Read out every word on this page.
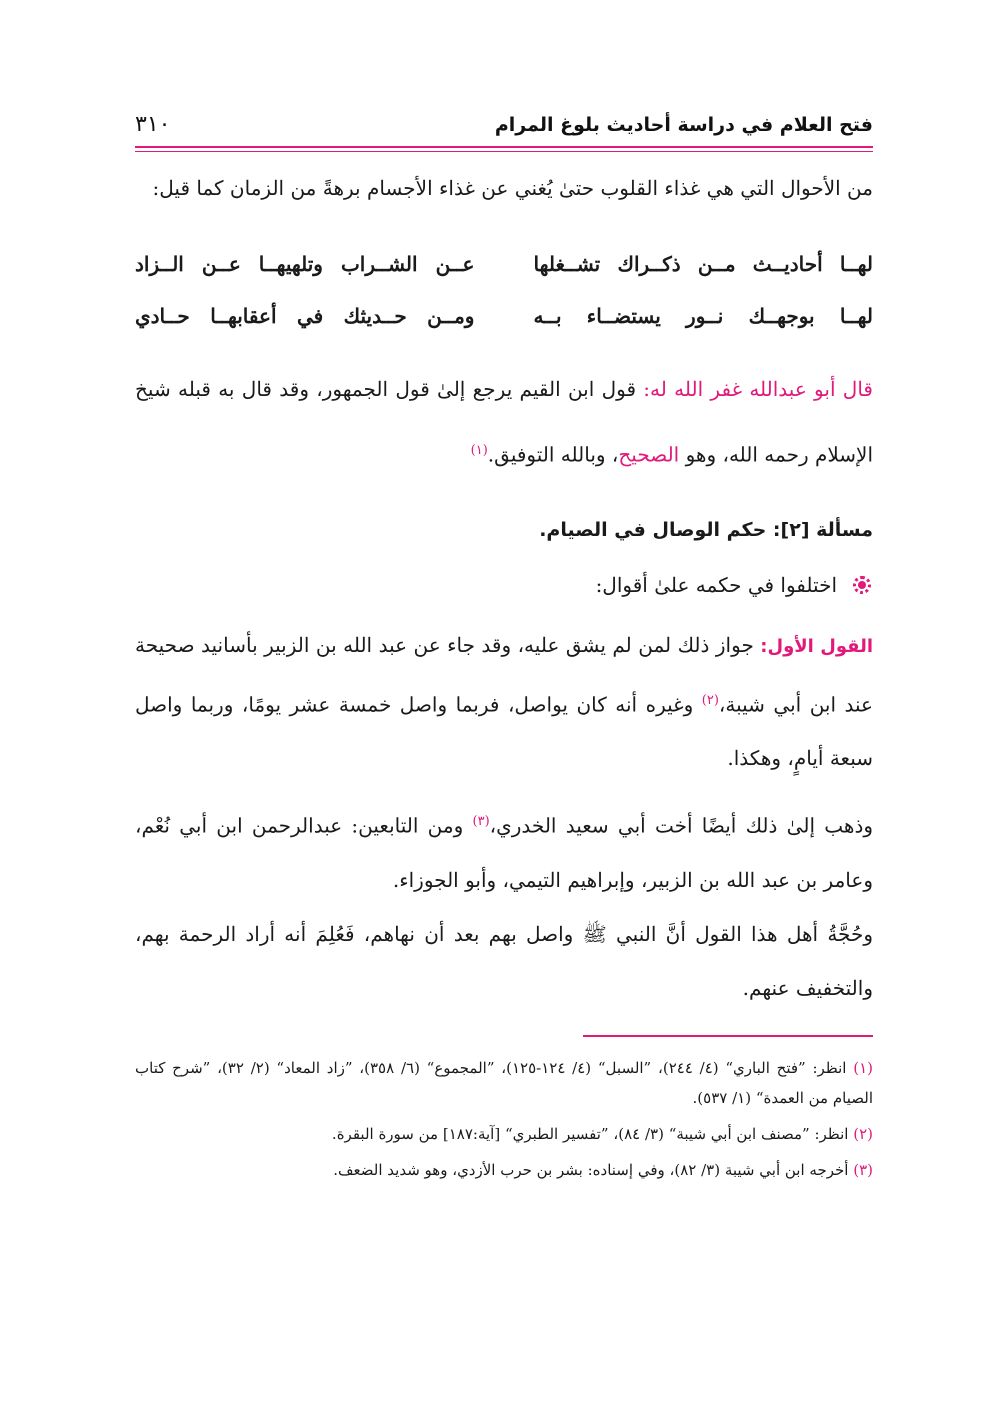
فتح العلام في دراسة أحاديث بلوغ المرام
٣١٠

من الأحوال التي هي غذاء القلوب حتىٰ يُغني عن غذاء الأجسام برهةً من الزمان كما قيل:

لهــا أحاديــث مــن ذكــراك تشــغلها
عــن الشــراب وتلهيهــا عــن الــزاد
لهــا بوجهــك نــور يستضــاء بــه
ومــن حــديثك في أعقابهــا حــادي

قال أبو عبدالله غفر الله له: قول ابن القيم يرجع إلىٰ قول الجمهور، وقد قال به قبله شيخ الإسلام رحمه الله، وهو الصحيح، وبالله التوفيق.$^{(١)}$

مسألة [٢]: حكم الوصال في الصيام.
اختلفوا في حكمه علىٰ أقوال:

القول الأول: جواز ذلك لمن لم يشق عليه، وقد جاء عن عبد الله بن الزبير بأسانيد صحيحة عند ابن أبي شيبة،$^{(٢)}$ وغيره أنه كان يواصل، فربما واصل خمسة عشر يومًا، وربما واصل سبعة أيامٍ، وهكذا.

وذهب إلىٰ ذلك أيضًا أخت أبي سعيد الخدري،$^{(٣)}$ ومن التابعين: عبدالرحمن ابن أبي نُعْم، وعامر بن عبد الله بن الزبير، وإبراهيم التيمي، وأبو الجوزاء.

وحُجَّةُ أهل هذا القول أنَّ النبي ﷺ واصل بهم بعد أن نهاهم، فَعُلِمَ أنه أراد الرحمة بهم، والتخفيف عنهم.

(١) انظر: ”فتح الباري“ (٤/ ٢٤٤)، ”السبل“ (٤/ ١٢٤-١٢٥)، ”المجموع“ (٦/ ٣٥٨)، ”زاد المعاد“ (٢/ ٣٢)، ”شرح كتاب الصيام من العمدة“ (١/ ٥٣٧).

(٢) انظر: ”مصنف ابن أبي شيبة“ (٣/ ٨٤)، ”تفسير الطبري“ [آية:١٨٧] من سورة البقرة.

(٣) أخرجه ابن أبي شيبة (٣/ ٨٢)، وفي إسناده: بشر بن حرب الأزدي، وهو شديد الضعف.
